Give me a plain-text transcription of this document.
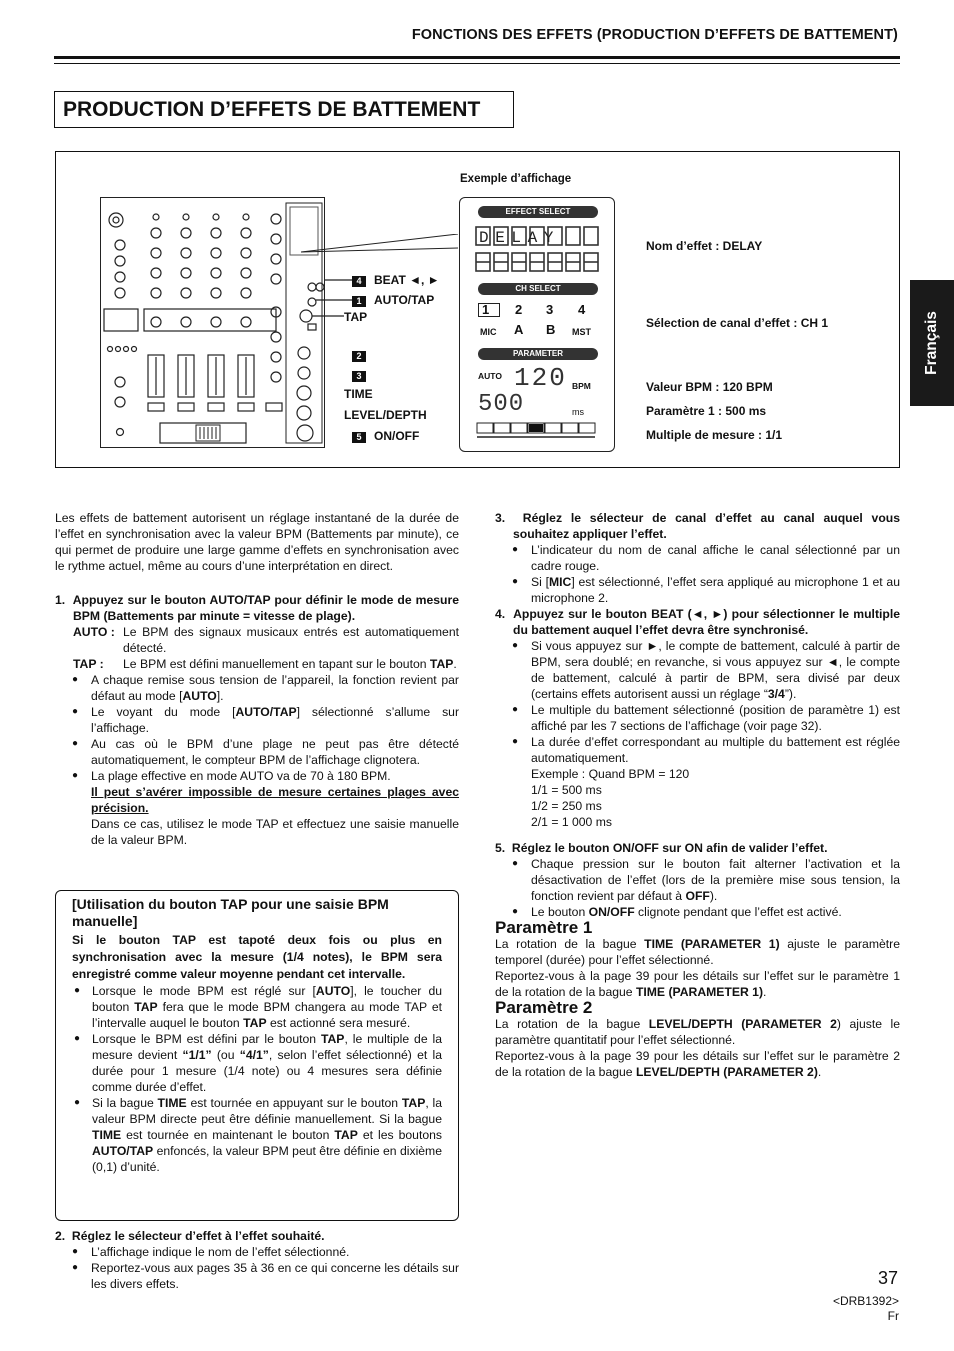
FONCTIONS DES EFFETS (PRODUCTION D’EFFETS DE BATTEMENT)
PRODUCTION D’EFFETS DE BATTEMENT
Français
4 BEAT ◄, ►
1 AUTO/TAP
TAP
2
3
TIME
LEVEL/DEPTH
5 ON/OFF
Exemple d’affichage
EFFECT SELECT
DELAY
CH SELECT
1 2 3 4
MIC A B MST
PARAMETER
AUTO 120 BPM
500	ms
Nom d’effet : DELAY
Sélection de canal d’effet : CH 1
Valeur BPM : 120 BPM
Paramètre 1 : 500 ms
Multiple de mesure : 1/1

Les effets de battement autorisent un réglage instantané de la durée de l’effet en synchronisation avec la valeur BPM (Battements par minute), ce qui permet de produire une large gamme d’effets en synchronisation avec le rythme actuel, même au cours d’une interprétation en direct.

1.  Appuyez sur le bouton AUTO/TAP pour définir le mode de mesure BPM (Battements par minute = vitesse de plage).

AUTO : Le BPM des signaux musicaux entrés est automatiquement détecté.

TAP : Le BPM est défini manuellement en tapant sur le bouton TAP.

● A chaque remise sous tension de l’appareil, la fonction revient par défaut au mode [AUTO].

● Le voyant du mode [AUTO/TAP] sélectionné s’allume sur l’affichage.

● Au cas où le BPM d’une plage ne peut pas être détecté automatiquement, le compteur BPM de l’affichage clignotera.

● La plage effective en mode AUTO va de 70 à 180 BPM.

Il peut s’avérer impossible de mesure certaines plages avec précision.

Dans ce cas, utilisez le mode TAP et effectuez une saisie manuelle de la valeur BPM.

[Utilisation du bouton TAP pour une saisie BPM manuelle]

Si le bouton TAP est tapoté deux fois ou plus en synchronisation avec la mesure (1/4 notes), le BPM sera enregistré comme valeur moyenne pendant cet intervalle.

● Lorsque le mode BPM est réglé sur [AUTO], le toucher du bouton TAP fera que le mode BPM changera au mode TAP et l’intervalle auquel le bouton TAP est actionné sera mesuré.

● Lorsque le BPM est défini par le bouton TAP, le multiple de la mesure devient “1/1” (ou “4/1”, selon l’effet sélectionné) et la durée pour 1 mesure (1/4 note) ou 4 mesures sera définie comme durée d’effet.

● Si la bague TIME est tournée en appuyant sur le bouton TAP, la valeur BPM directe peut être définie manuellement. Si la bague TIME est tournée en maintenant le bouton TAP et les boutons AUTO/TAP enfoncés, la valeur BPM peut être définie en dixième (0,1) d’unité.

2.  Réglez le sélecteur d’effet à l’effet souhaité.

● L’affichage indique le nom de l’effet sélectionné.

● Reportez-vous aux pages 35 à 36 en ce qui concerne les détails sur les divers effets.

3.  Réglez le sélecteur de canal d’effet au canal auquel vous souhaitez appliquer l’effet.

● L’indicateur du nom de canal affiche le canal sélectionné par un cadre rouge.

● Si [MIC] est sélectionné, l’effet sera appliqué au microphone 1 et au microphone 2.

4.  Appuyez sur le bouton BEAT (◄, ►) pour sélectionner le multiple du battement auquel l’effet devra être synchronisé.

● Si vous appuyez sur ►, le compte de battement, calculé à partir de BPM, sera doublé; en revanche, si vous appuyez sur ◄, le compte de battement, calculé à partir de BPM, sera divisé par deux (certains effets autorisent aussi un réglage “3/4”).

● Le multiple du battement sélectionné (position de paramètre 1) est affiché par les 7 sections de l’affichage (voir page 32).

● La durée d’effet correspondant au multiple du battement est réglée automatiquement.

Exemple : Quand BPM = 120

1/1 = 500 ms

1/2 = 250 ms

2/1 = 1 000 ms

5.  Réglez le bouton ON/OFF sur ON afin de valider l’effet.

● Chaque pression sur le bouton fait alterner l’activation et la désactivation de l’effet (lors de la première mise sous tension, la fonction revient par défaut à OFF).

● Le bouton ON/OFF clignote pendant que l’effet est activé.

Paramètre 1

La rotation de la bague TIME (PARAMETER 1) ajuste le paramètre temporel (durée) pour l’effet sélectionné.

Reportez-vous à la page 39 pour les détails sur l’effet sur le paramètre 1 de la rotation de la bague TIME (PARAMETER 1).

Paramètre 2

La rotation de la bague LEVEL/DEPTH (PARAMETER 2) ajuste le paramètre quantitatif pour l’effet sélectionné.

Reportez-vous à la page 39 pour les détails sur l’effet sur le paramètre 2 de la rotation de la bague LEVEL/DEPTH (PARAMETER 2).

37
<DRB1392>
Fr
